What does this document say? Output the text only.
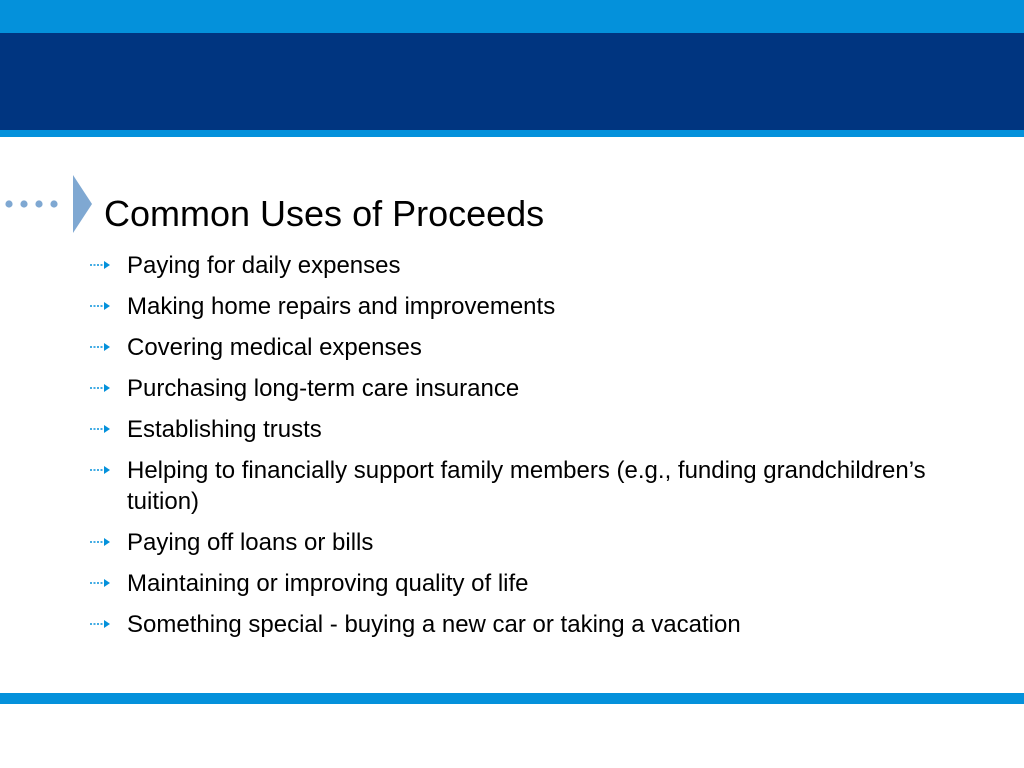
Common Uses of Proceeds
Paying for daily expenses
Making home repairs and improvements
Covering medical expenses
Purchasing long-term care insurance
Establishing trusts
Helping to financially support family members (e.g., funding grandchildren’s tuition)
Paying off loans or bills
Maintaining or improving quality of life
Something special - buying a new car or taking a vacation
